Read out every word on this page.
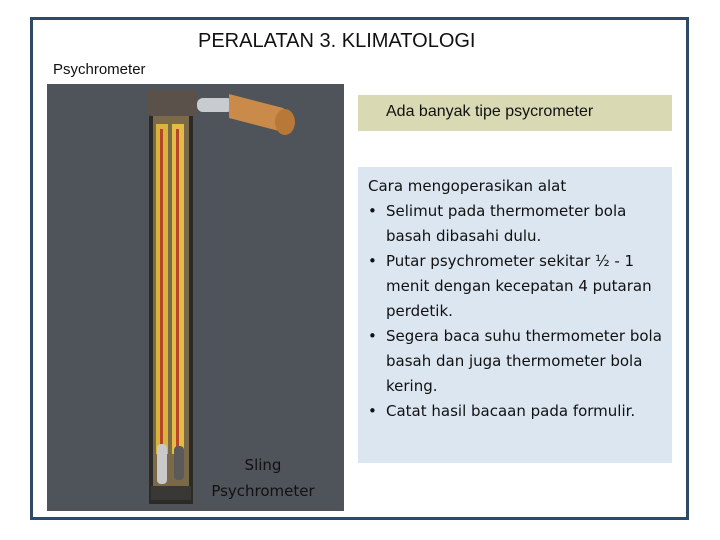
PERALATAN 3. KLIMATOLOGI
Psychrometer
Sling
Psychrometer
Ada banyak tipe psycrometer
Cara mengoperasikan alat
• Selimut pada thermometer bola basah dibasahi dulu.
• Putar psychrometer sekitar ½ - 1 menit dengan kecepatan 4 putaran perdetik.
• Segera baca suhu thermometer bola basah dan juga thermometer bola kering.
• Catat hasil bacaan pada formulir.
